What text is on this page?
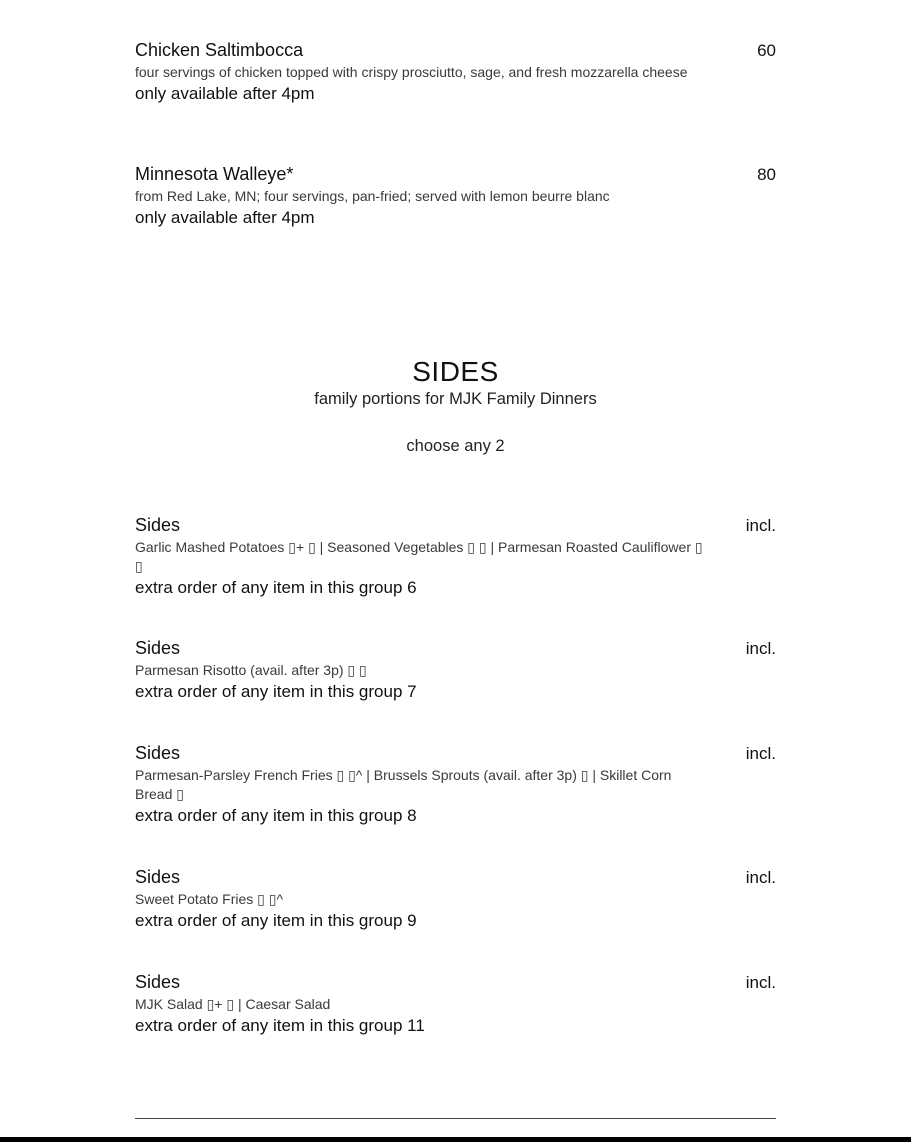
Chicken Saltimbocca	60
four servings of chicken topped with crispy prosciutto, sage, and fresh mozzarella cheese
only available after 4pm
Minnesota Walleye*	80
from Red Lake, MN; four servings, pan-fried; served with lemon beurre blanc
only available after 4pm
SIDES
family portions for MJK Family Dinners
choose any 2
Sides	incl.
Garlic Mashed Potatoes ▯+ ▯ | Seasoned Vegetables ▯ ▯ | Parmesan Roasted Cauliflower ▯ ▯
extra order of any item in this group 6
Sides	incl.
Parmesan Risotto (avail. after 3p) ▯ ▯
extra order of any item in this group 7
Sides	incl.
Parmesan-Parsley French Fries ▯ ▯^ | Brussels Sprouts (avail. after 3p) ▯ | Skillet Corn Bread ▯
extra order of any item in this group 8
Sides	incl.
Sweet Potato Fries ▯ ▯^
extra order of any item in this group 9
Sides	incl.
MJK Salad ▯+ ▯ | Caesar Salad
extra order of any item in this group 11
